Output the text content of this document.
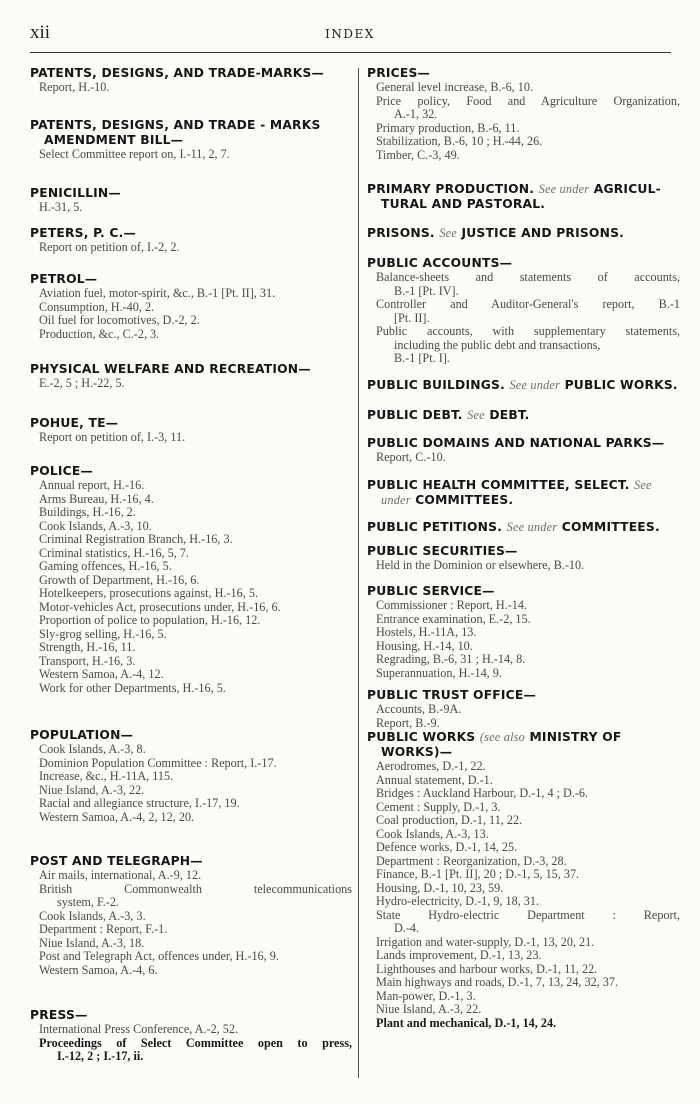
xii	INDEX
PATENTS, DESIGNS, AND TRADE-MARKS—
Report, H.-10.
PATENTS, DESIGNS, AND TRADE - MARKS
AMENDMENT BILL—
Select Committee report on, I.-11, 2, 7.
PENICILLIN—
H.-31, 5.
PETERS, P. C.—
Report on petition of, I.-2, 2.
PETROL—
Aviation fuel, motor-spirit, &c., B.-1 [Pt. II], 31.
Consumption, H.-40, 2.
Oil fuel for locomotives, D.-2, 2.
Production, &c., C.-2, 3.
PHYSICAL WELFARE AND RECREATION—
E.-2, 5 ; H.-22, 5.
POHUE, TE—
Report on petition of, I.-3, 11.
POLICE—
Annual report, H.-16.
Arms Bureau, H.-16, 4.
Buildings, H.-16, 2.
Cook Islands, A.-3, 10.
Criminal Registration Branch, H.-16, 3.
Criminal statistics, H.-16, 5, 7.
Gaming offences, H.-16, 5.
Growth of Department, H.-16, 6.
Hotelkeepers, prosecutions against, H.-16, 5.
Motor-vehicles Act, prosecutions under, H.-16, 6.
Proportion of police to population, H.-16, 12.
Sly-grog selling, H.-16, 5.
Strength, H.-16, 11.
Transport, H.-16, 3.
Western Samoa, A.-4, 12.
Work for other Departments, H.-16, 5.
POPULATION—
Cook Islands, A.-3, 8.
Dominion Population Committee : Report, I.-17.
Increase, &c., H.-11A, 115.
Niue Island, A.-3, 22.
Racial and allegiance structure, I.-17, 19.
Western Samoa, A.-4, 2, 12, 20.
POST AND TELEGRAPH—
Air mails, international, A.-9, 12.
British Commonwealth telecommunications
system, F.-2.
Cook Islands, A.-3, 3.
Department : Report, F.-1.
Niue Island, A.-3, 18.
Post and Telegraph Act, offences under, H.-16, 9.
Western Samoa, A.-4, 6.
PRESS—
International Press Conference, A.-2, 52.
Proceedings of Select Committee open to press,
I.-12, 2 ; I.-17, ii.
PRICES—
General level increase, B.-6, 10.
Price policy, Food and Agriculture Organization,
A.-1, 32.
Primary production, B.-6, 11.
Stabilization, B.-6, 10 ; H.-44, 26.
Timber, C.-3, 49.
PRIMARY PRODUCTION. See under AGRICUL-
TURAL AND PASTORAL.
PRISONS. See JUSTICE AND PRISONS.
PUBLIC ACCOUNTS—
Balance-sheets and statements of accounts,
B.-1 [Pt. IV].
Controller and Auditor-General's report, B.-1
[Pt. II].
Public accounts, with supplementary statements,
including the public debt and transactions,
B.-1 [Pt. I].
PUBLIC BUILDINGS. See under PUBLIC WORKS.
PUBLIC DEBT. See DEBT.
PUBLIC DOMAINS AND NATIONAL PARKS—
Report, C.-10.
PUBLIC HEALTH COMMITTEE, SELECT. See
under COMMITTEES.
PUBLIC PETITIONS. See under COMMITTEES.
PUBLIC SECURITIES—
Held in the Dominion or elsewhere, B.-10.
PUBLIC SERVICE—
Commissioner : Report, H.-14.
Entrance examination, E.-2, 15.
Hostels, H.-11A, 13.
Housing, H.-14, 10.
Regrading, B.-6, 31 ; H.-14, 8.
Superannuation, H.-14, 9.
PUBLIC TRUST OFFICE—
Accounts, B.-9A.
Report, B.-9.
PUBLIC WORKS (see also MINISTRY OF
WORKS)—
Aerodromes, D.-1, 22.
Annual statement, D.-1.
Bridges : Auckland Harbour, D.-1, 4 ; D.-6.
Cement : Supply, D.-1, 3.
Coal production, D.-1, 11, 22.
Cook Islands, A.-3, 13.
Defence works, D.-1, 14, 25.
Department : Reorganization, D.-3, 28.
Finance, B.-1 [Pt. II], 20 ; D.-1, 5, 15, 37.
Housing, D.-1, 10, 23, 59.
Hydro-electricity, D.-1, 9, 18, 31.
State Hydro-electric Department : Report,
D.-4.
Irrigation and water-supply, D.-1, 13, 20, 21.
Lands improvement, D.-1, 13, 23.
Lighthouses and harbour works, D.-1, 11, 22.
Main highways and roads, D.-1, 7, 13, 24, 32, 37.
Man-power, D.-1, 3.
Niue Island, A.-3, 22.
Plant and mechanical, D.-1, 14, 24.
